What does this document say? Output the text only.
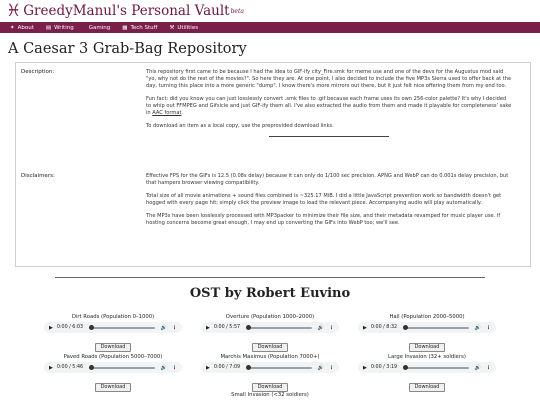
♓ GreedyManul's Personal Vault beta
✦ About ▤ Writing	Gaming ▦ Tech Stuff ⚒ Utilities
A Caesar 3 Grab-Bag Repository
Description:	This repository first came to be because I had the idea to GIF-ify city_Fire.smk for meme use and one of the devs for the Augustus mod said "yo, why not do the rest of the movies?". So here they are. At one point, I also decided to include the five MP3s Sierra used to offer back at the day, turning this place into a more generic "dump". I know there's more mirrors out there, but it just felt nice offering them from my end too.

Fun fact: did you know you can just losslessly convert .smk files to .gif because each frame uses its own 256-color palette? It's why I decided to whip out FFMPEG and Gifsicle and just GIF-ify them all. I've also extracted the audio from them and made it playable for completeness' sake in AAC format.

To download an item as a local copy, use the preprovided download links.

Disclaimers:	Effective FPS for the GIFs is 12.5 (0.08s delay) because it can only do 1/100 sec precision. APNG and WebP can do 0.001s delay precision, but that hampers browser viewing compatibility.

Total size of all movie animations + sound files combined is ~325.17 MiB. I did a little JavaScript prevention work so bandwidth doesn't get hogged with every page hit; simply click the preview image to load the relevant piece. Accompanying audio will play automatically.

The MP3s have been losslessly processed with MP3packer to minimize their file size, and their metadata revamped for music player use. If hosting concerns become great enough, I may end up converting the GIFs into WebP too; we'll see.

OST by Robert Euvino
Dirt Roads (Population 0–1000)
▶ 0:00 / 6:03	🔊 ⋮
Download
Overture (Population 1000–2000)
▶ 0:00 / 5:57	🔊 ⋮
Download
Hail (Population 2000–5000)
▶ 0:00 / 8:32	🔊 ⋮
Download
Paved Roads (Population 5000–7000)
▶ 0:00 / 5:46	🔊 ⋮
Download
Marchis Maximus (Population 7000+)
▶ 0:00 / 7:09	🔊 ⋮
Download
Large Invasion (32+ soldiers)
▶ 0:00 / 3:19	🔊 ⋮
Download
Small Invasion (<32 soldiers)
